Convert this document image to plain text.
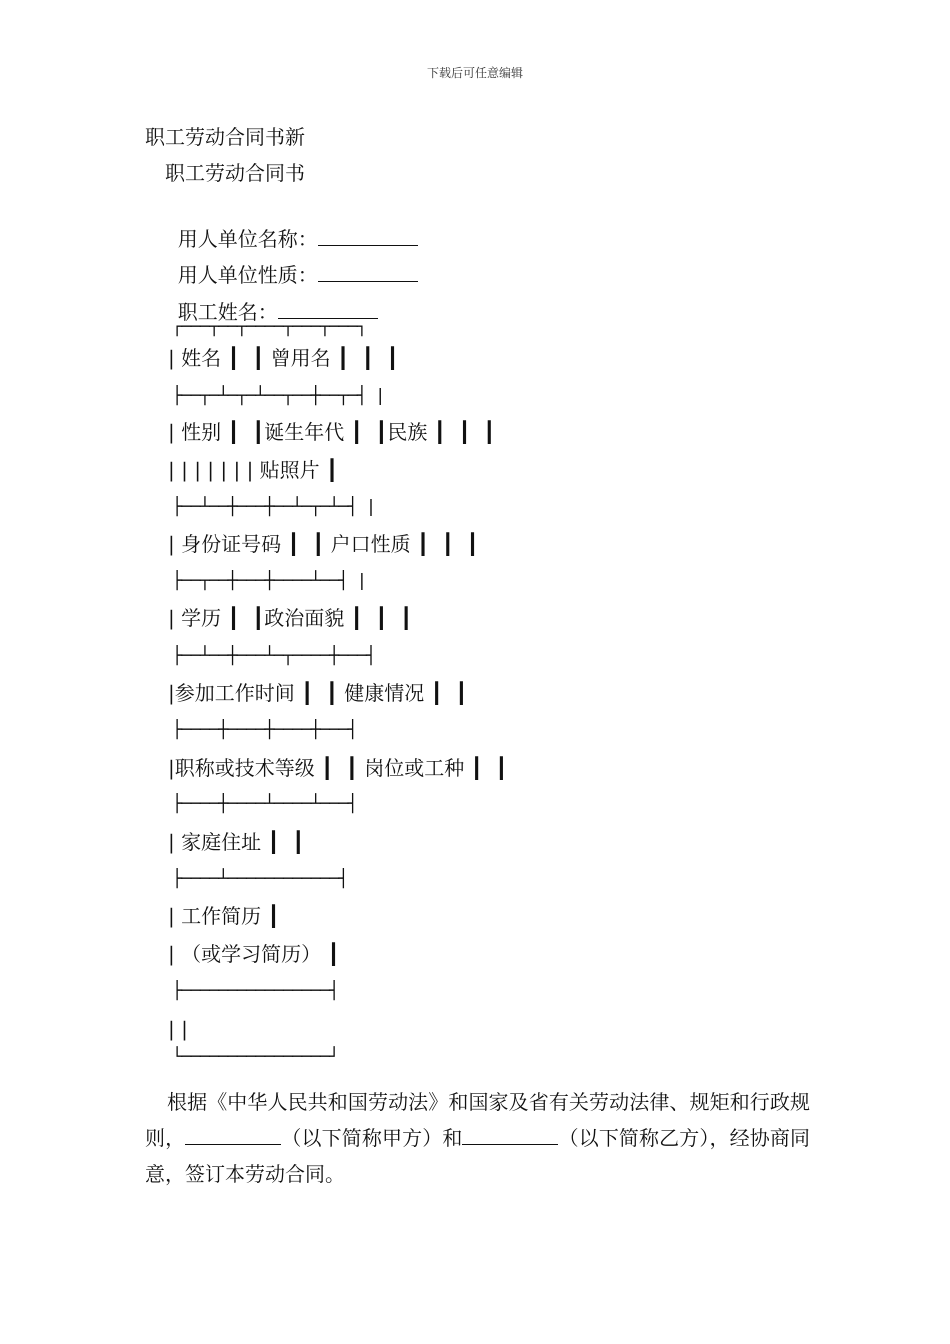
下载后可任意编辑
职工劳动合同书新
职工劳动合同书

用人单位名称：

用人单位性质：

职工姓名：

┌───┬──┬────┬───┬───┐
| 姓名 ┃  ┃ 曾用名 ┃  ┃  ┃
├──┬─┴─┬─┴──┬──┼──┬─┤ |
| 性别 ┃  ┃诞生年代 ┃  ┃民族 ┃  ┃  ┃
| | | | | | | 贴照片 ┃
├──┴──┼───┼──┴─┬─┴─┤ |
| 身份证号码 ┃  ┃ 户口性质 ┃  ┃  ┃
├──┬──┼───┼────┴──┤ |
| 学历 ┃  ┃政治面貌 ┃  ┃  ┃
├──┴──┼───┴─┬────┼───┤
|参加工作时间 ┃  ┃ 健康情况 ┃  ┃
├────┼────┼────┼───┤
|职称或技术等级 ┃  ┃ 岗位或工种 ┃  ┃
├────┼────┴────┴───┤
| 家庭住址 ┃  ┃
├────┴────────────┤
| 工作简历 ┃
| （或学习简历） ┃
├────────────────┤
| |
└────────────────┘
根据《中华人民共和国劳动法》和国家及省有关劳动法律、规矩和行政规则，	（以下简称甲方）和	（以下简称乙方），经协商同意，签订本劳动合同。
